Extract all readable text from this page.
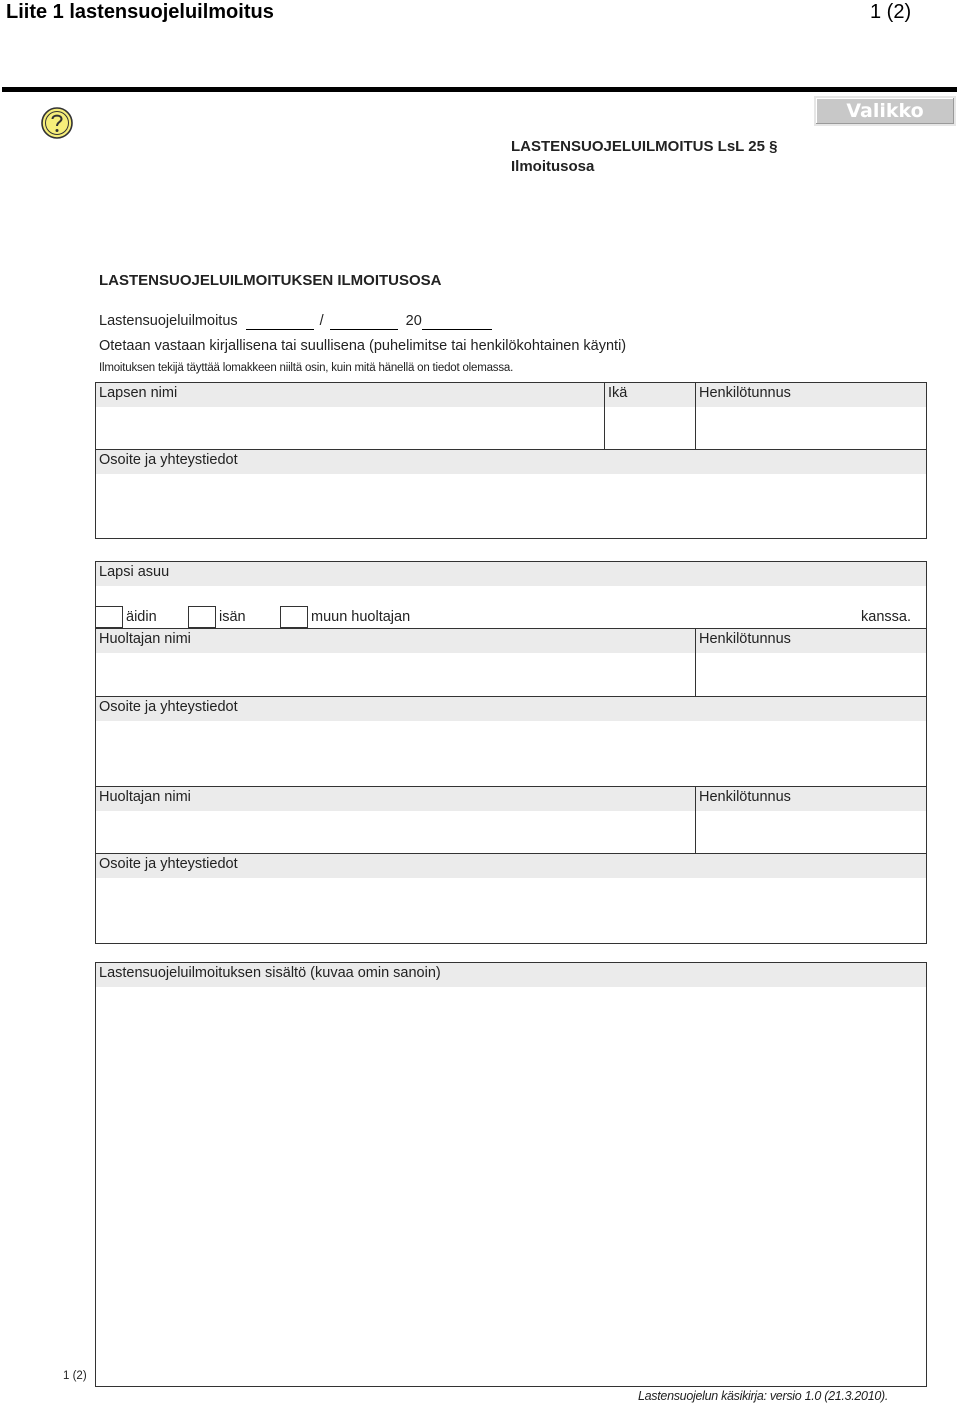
Liite 1 lastensuojeluilmoitus	1 (2)
Valikko
LASTENSUOJELUILMOITUS LsL 25 §
Ilmoitusosa
LASTENSUOJELUILMOITUKSEN ILMOITUSOSA
Lastensuojeluilmoitus	/	20
Otetaan vastaan kirjallisena tai suullisena (puhelimitse tai henkilökohtainen käynti)
Ilmoituksen tekijä täyttää lomakkeen niiltä osin, kuin mitä hänellä on tiedot olemassa.
Lapsen nimi	Ikä	Henkilötunnus
Osoite ja yhteystiedot
Lapsi asuu
äidin	isän	muun huoltajan	kanssa.
Huoltajan nimi	Henkilötunnus
Osoite ja yhteystiedot
Huoltajan nimi	Henkilötunnus
Osoite ja yhteystiedot
Lastensuojeluilmoituksen sisältö (kuvaa omin sanoin)
1 (2)
Lastensuojelun käsikirja: versio 1.0 (21.3.2010).
